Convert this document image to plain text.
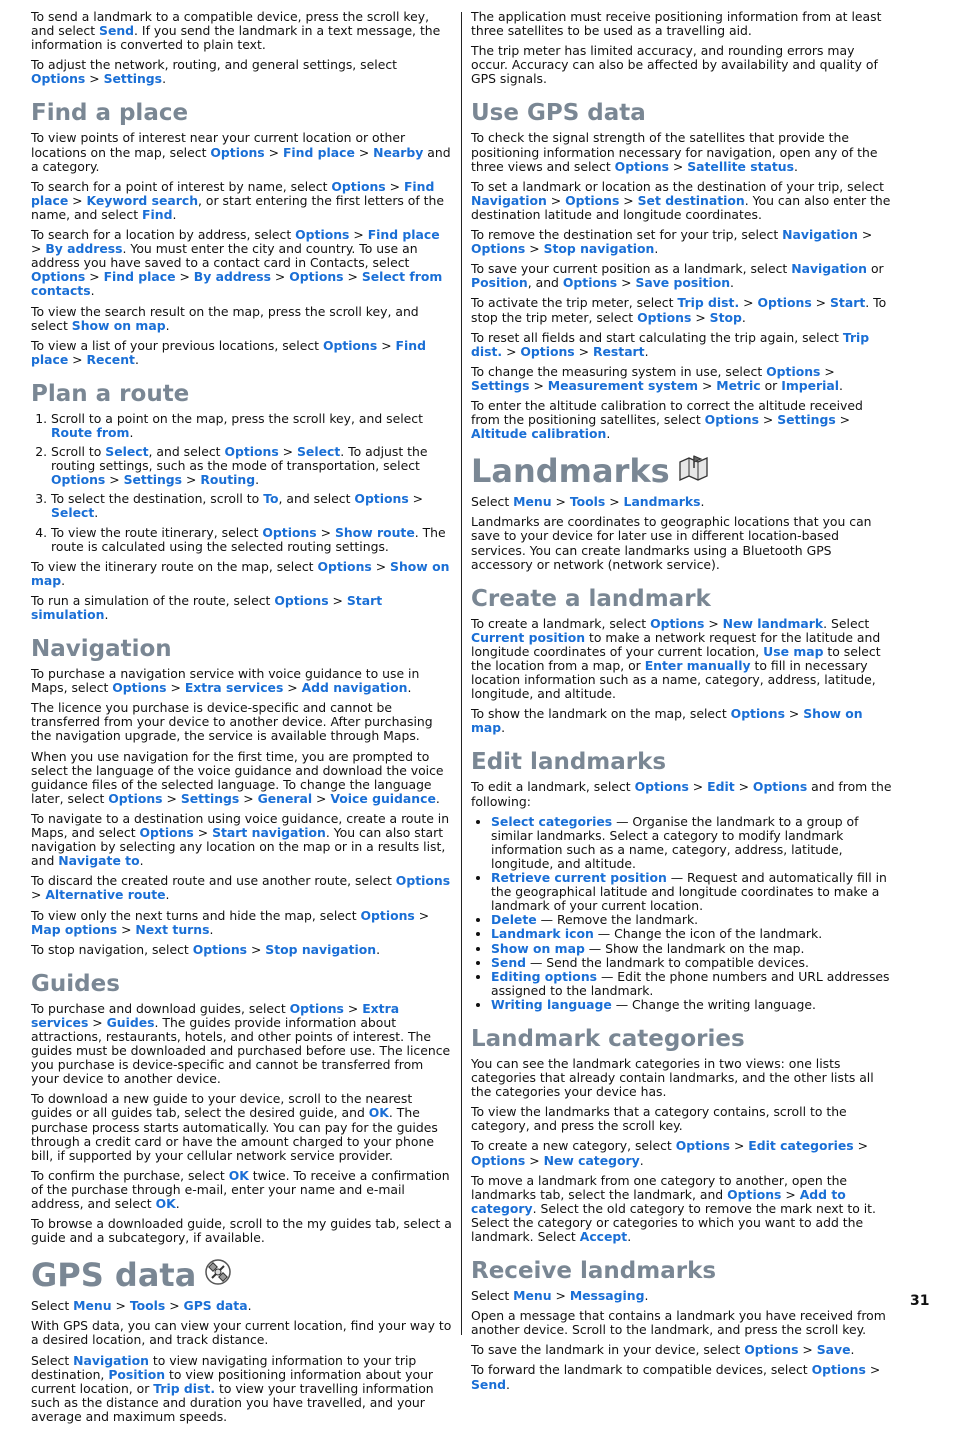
To send a landmark to a compatible device, press the scroll key, and select Send. If you send the landmark in a text message, the information is converted to plain text.

To adjust the network, routing, and general settings, select Options > Settings.

Find a place

To view points of interest near your current location or other locations on the map, select Options > Find place > Nearby and a category.

To search for a point of interest by name, select Options > Find place > Keyword search, or start entering the first letters of the name, and select Find.

To search for a location by address, select Options > Find place > By address. You must enter the city and country. To use an address you have saved to a contact card in Contacts, select Options > Find place > By address > Options > Select from contacts.

To view the search result on the map, press the scroll key, and select Show on map.

To view a list of your previous locations, select Options > Find place > Recent.

Plan a route
1. Scroll to a point on the map, press the scroll key, and select Route from.
2. Scroll to Select, and select Options > Select. To adjust the routing settings, such as the mode of transportation, select Options > Settings > Routing.
3. To select the destination, scroll to To, and select Options > Select.
4. To view the route itinerary, select Options > Show route. The route is calculated using the selected routing settings.

To view the itinerary route on the map, select Options > Show on map.

To run a simulation of the route, select Options > Start simulation.

Navigation

To purchase a navigation service with voice guidance to use in Maps, select Options > Extra services > Add navigation.

The licence you purchase is device-specific and cannot be transferred from your device to another device. After purchasing the navigation upgrade, the service is available through Maps.

When you use navigation for the first time, you are prompted to select the language of the voice guidance and download the voice guidance files of the selected language. To change the language later, select Options > Settings > General > Voice guidance.

To navigate to a destination using voice guidance, create a route in Maps, and select Options > Start navigation. You can also start navigation by selecting any location on the map or in a results list, and Navigate to.

To discard the created route and use another route, select Options > Alternative route.

To view only the next turns and hide the map, select Options > Map options > Next turns.

To stop navigation, select Options > Stop navigation.

Guides

To purchase and download guides, select Options > Extra services > Guides. The guides provide information about attractions, restaurants, hotels, and other points of interest. The guides must be downloaded and purchased before use. The licence you purchase is device-specific and cannot be transferred from your device to another device.

To download a new guide to your device, scroll to the nearest guides or all guides tab, select the desired guide, and OK. The purchase process starts automatically. You can pay for the guides through a credit card or have the amount charged to your phone bill, if supported by your cellular network service provider.

To confirm the purchase, select OK twice. To receive a confirmation of the purchase through e-mail, enter your name and e-mail address, and select OK.

To browse a downloaded guide, scroll to the my guides tab, select a guide and a subcategory, if available.

GPS data

Select Menu > Tools > GPS data.

With GPS data, you can view your current location, find your way to a desired location, and track distance.

Select Navigation to view navigating information to your trip destination, Position to view positioning information about your current location, or Trip dist. to view your travelling information such as the distance and duration you have travelled, and your average and maximum speeds.

The application must receive positioning information from at least three satellites to be used as a travelling aid.

The trip meter has limited accuracy, and rounding errors may occur. Accuracy can also be affected by availability and quality of GPS signals.

Use GPS data

To check the signal strength of the satellites that provide the positioning information necessary for navigation, open any of the three views and select Options > Satellite status.

To set a landmark or location as the destination of your trip, select Navigation > Options > Set destination. You can also enter the destination latitude and longitude coordinates.

To remove the destination set for your trip, select Navigation > Options > Stop navigation.

To save your current position as a landmark, select Navigation or Position, and Options > Save position.

To activate the trip meter, select Trip dist. > Options > Start. To stop the trip meter, select Options > Stop.

To reset all fields and start calculating the trip again, select Trip dist. > Options > Restart.

To change the measuring system in use, select Options > Settings > Measurement system > Metric or Imperial.

To enter the altitude calibration to correct the altitude received from the positioning satellites, select Options > Settings > Altitude calibration.

Landmarks

Select Menu > Tools > Landmarks.

Landmarks are coordinates to geographic locations that you can save to your device for later use in different location-based services. You can create landmarks using a Bluetooth GPS accessory or network (network service).

Create a landmark

To create a landmark, select Options > New landmark. Select Current position to make a network request for the latitude and longitude coordinates of your current location, Use map to select the location from a map, or Enter manually to fill in necessary location information such as a name, category, address, latitude, longitude, and altitude.

To show the landmark on the map, select Options > Show on map.

Edit landmarks

To edit a landmark, select Options > Edit > Options and from the following:

• Select categories — Organise the landmark to a group of similar landmarks. Select a category to modify landmark information such as a name, category, address, latitude, longitude, and altitude.
• Retrieve current position — Request and automatically fill in the geographical latitude and longitude coordinates to make a landmark of your current location.
• Delete — Remove the landmark.
• Landmark icon — Change the icon of the landmark.
• Show on map — Show the landmark on the map.
• Send — Send the landmark to compatible devices.
• Editing options — Edit the phone numbers and URL addresses assigned to the landmark.
• Writing language — Change the writing language.
Landmark categories

You can see the landmark categories in two views: one lists categories that already contain landmarks, and the other lists all the categories your device has.

To view the landmarks that a category contains, scroll to the category, and press the scroll key.

To create a new category, select Options > Edit categories > Options > New category.

To move a landmark from one category to another, open the landmarks tab, select the landmark, and Options > Add to category. Select the old category to remove the mark next to it. Select the category or categories to which you want to add the landmark. Select Accept.

Receive landmarks

Select Menu > Messaging.

Open a message that contains a landmark you have received from another device. Scroll to the landmark, and press the scroll key.

To save the landmark in your device, select Options > Save.

To forward the landmark to compatible devices, select Options > Send.

31
